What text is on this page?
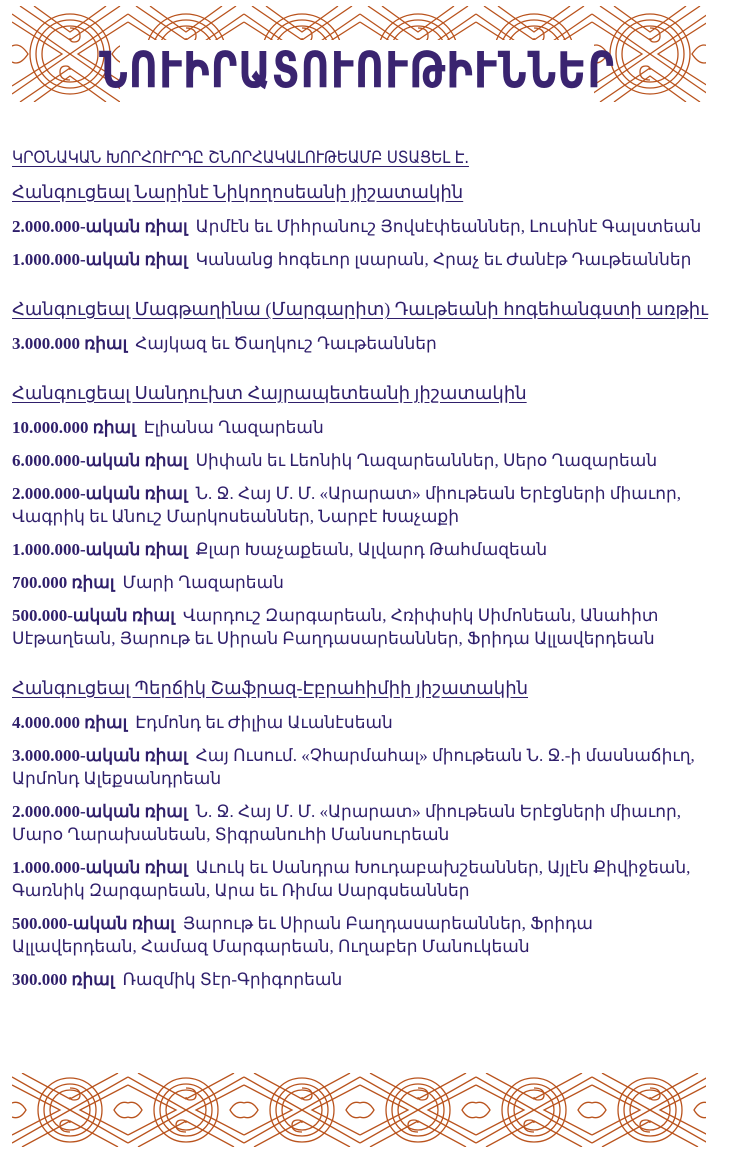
ՆՈՒԻՐԱՏՈՒՈՒԹԻՒՆՆԵՐ
ԿՐՕՆԱԿԱՆ ԽՈՐՀՈՒՐԴԸ ՇՆՈՐՀԱԿԱԼՈՒԹԵԱՄԲ ՍՏԱՑԵԼ Է.
Հանգուցեալ Նարինէ Նիկողոսեանի յիշատակին

2.000.000-ական ռիալ Արմէն եւ Միհրանուշ Յովսէփեաններ, Լուսինէ Գալստեան

1.000.000-ական ռիալ Կանանց հոգեւոր լսարան, Հրաչ եւ Ժանէթ Դաւթեաններ

Հանգուցեալ Մագթաղինա (Մարգարիտ) Դաւթեանի հոգեհանգստի առթիւ

3.000.000 ռիալ Հայկազ եւ Ծաղկուշ Դաւթեաններ

Հանգուցեալ Սանդուխտ Հայրապետեանի յիշատակին

10.000.000 ռիալ Էլիանա Ղազարեան

6.000.000-ական ռիալ Սիփան եւ Լեոնիկ Ղազարեաններ, Սերօ Ղազարեան

2.000.000-ական ռիալ Ն. Ջ. Հայ Մ. Մ. «Արարատ» միութեան Երէցների միաւոր, Վագրիկ եւ Անուշ Մարկոսեաններ, Նարբէ Խաչաքի

1.000.000-ական ռիալ Քլար Խաչաքեան, Ալվարդ Թահմազեան

700.000 ռիալ Մարի Ղազարեան

500.000-ական ռիալ Վարդուշ Զարգարեան, Հռիփսիկ Սիմոնեան, Անահիտ Սէթաղեան, Յարութ եւ Սիրան Բաղդասարեաններ, Ֆրիդա Ալլավերդեան

Հանգուցեալ Պերճիկ Շաֆրազ-Էբրահիմիի յիշատակին

4.000.000 ռիալ Էդմոնդ եւ Ժիլիա Աւանէսեան

3.000.000-ական ռիալ Հայ Ուսում. «Չհարմահալ» միութեան Ն. Ջ.-ի մասնաճիւղ, Արմոնդ Ալեքսանդրեան

2.000.000-ական ռիալ Ն. Ջ. Հայ Մ. Մ. «Արարատ» միութեան Երէցների միաւոր, Մարօ Ղարախանեան, Տիգրանուհի Մանսուրեան

1.000.000-ական ռիալ Աւուկ եւ Սանդրա Խուդաբախշեաններ, Այլէն Քիվիջեան, Գառնիկ Զարգարեան, Արա եւ Ռիմա Սարգսեաններ

500.000-ական ռիալ Յարութ եւ Սիրան Բաղդասարեաններ, Ֆրիդա Ալլավերդեան, Համազ Մարգարեան, Ուղաբեր Մանուկեան

300.000 ռիալ Ռազմիկ Տէր-Գրիգորեան
